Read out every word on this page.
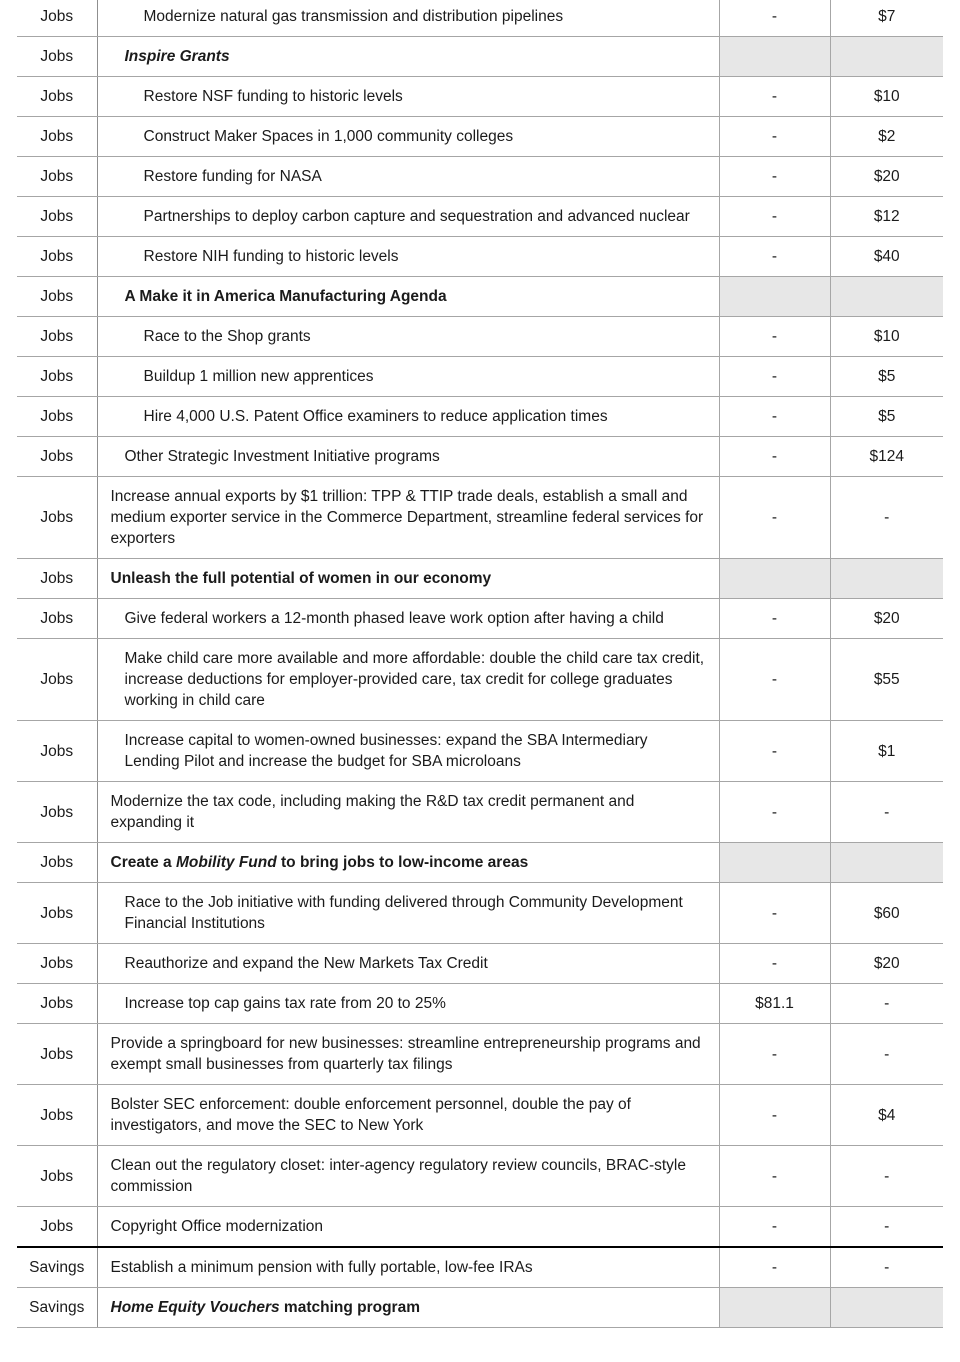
Jobs	Modernize natural gas transmission and distribution pipelines	-	$7
Jobs	Inspire Grants		
Jobs	Restore NSF funding to historic levels	-	$10
Jobs	Construct Maker Spaces in 1,000 community colleges	-	$2
Jobs	Restore funding for NASA	-	$20
Jobs	Partnerships to deploy carbon capture and sequestration and advanced nuclear	-	$12
Jobs	Restore NIH funding to historic levels	-	$40
Jobs	A Make it in America Manufacturing Agenda		
Jobs	Race to the Shop grants	-	$10
Jobs	Buildup 1 million new apprentices	-	$5
Jobs	Hire 4,000 U.S. Patent Office examiners to reduce application times	-	$5
Jobs	Other Strategic Investment Initiative programs	-	$124
Jobs	Increase annual exports by $1 trillion: TPP & TTIP trade deals, establish a small and medium exporter service in the Commerce Department, streamline federal services for exporters	-	-
Jobs	Unleash the full potential of women in our economy		
Jobs	Give federal workers a 12-month phased leave work option after having a child	-	$20
Jobs	Make child care more available and more affordable: double the child care tax credit, increase deductions for employer-provided care, tax credit for college graduates working in child care	-	$55
Jobs	Increase capital to women-owned businesses: expand the SBA Intermediary Lending Pilot and increase the budget for SBA microloans	-	$1
Jobs	Modernize the tax code, including making the R&D tax credit permanent and expanding it	-	-
Jobs	Create a Mobility Fund to bring jobs to low-income areas		
Jobs	Race to the Job initiative with funding delivered through Community Development Financial Institutions	-	$60
Jobs	Reauthorize and expand the New Markets Tax Credit	-	$20
Jobs	Increase top cap gains tax rate from 20 to 25%	$81.1	-
Jobs	Provide a springboard for new businesses: streamline entrepreneurship programs and exempt small businesses from quarterly tax filings	-	-
Jobs	Bolster SEC enforcement: double enforcement personnel, double the pay of investigators, and move the SEC to New York	-	$4
Jobs	Clean out the regulatory closet: inter-agency regulatory review councils, BRAC-style commission	-	-
Jobs	Copyright Office modernization	-	-
Savings	Establish a minimum pension with fully portable, low-fee IRAs	-	-
Savings	Home Equity Vouchers matching program		
